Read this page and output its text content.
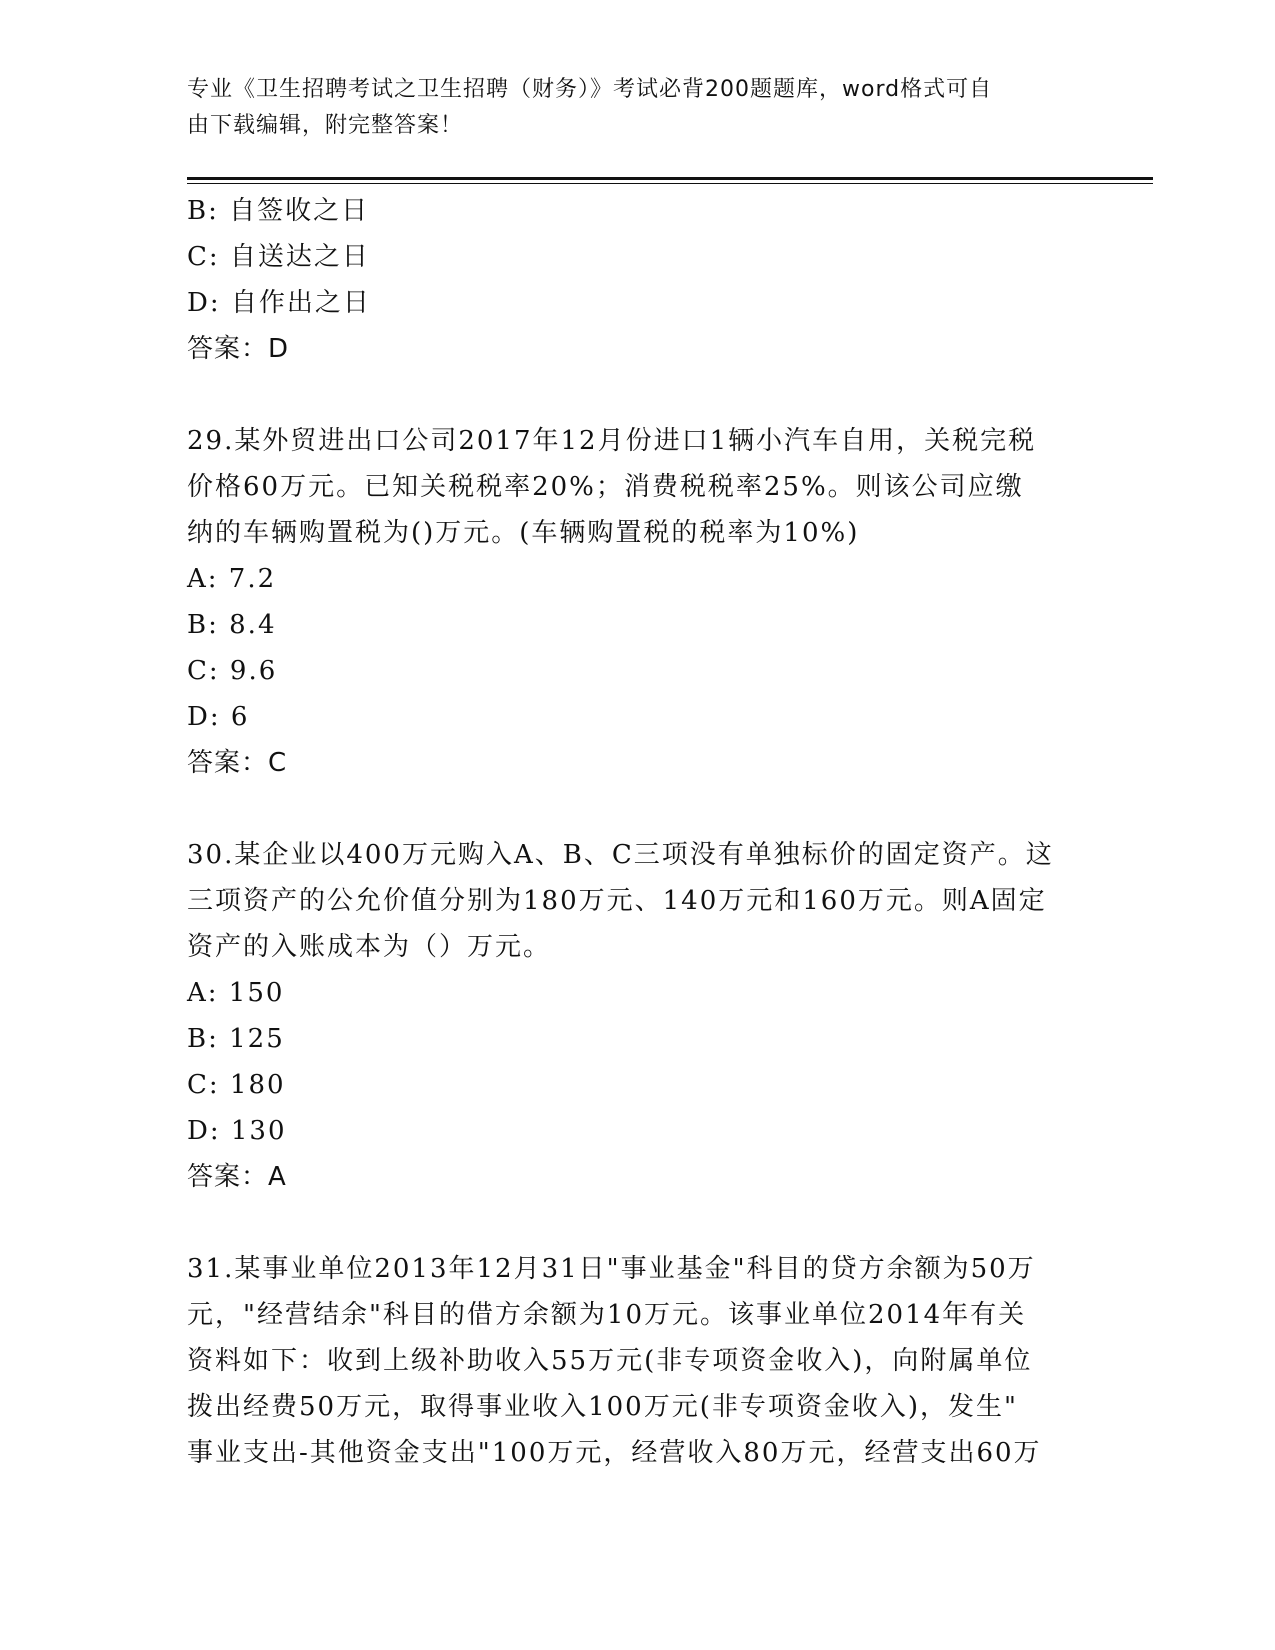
专业《卫生招聘考试之卫生招聘（财务）》考试必背200题题库，word格式可自
由下载编辑，附完整答案！
B: 自签收之日
C: 自送达之日
D: 自作出之日
答案：D
29.某外贸进出口公司2017年12月份进口1辆小汽车自用，关税完税
价格60万元。已知关税税率20%；消费税税率25%。则该公司应缴
纳的车辆购置税为()万元。(车辆购置税的税率为10%)
A: 7.2
B: 8.4
C: 9.6
D: 6
答案：C
30.某企业以400万元购入A、B、C三项没有单独标价的固定资产。这
三项资产的公允价值分别为180万元、140万元和160万元。则A固定
资产的入账成本为（）万元。
A: 150
B: 125
C: 180
D: 130
答案：A
31.某事业单位2013年12月31日"事业基金"科目的贷方余额为50万
元，"经营结余"科目的借方余额为10万元。该事业单位2014年有关
资料如下：收到上级补助收入55万元(非专项资金收入)，向附属单位
拨出经费50万元，取得事业收入100万元(非专项资金收入)，发生"
事业支出-其他资金支出"100万元，经营收入80万元，经营支出60万
